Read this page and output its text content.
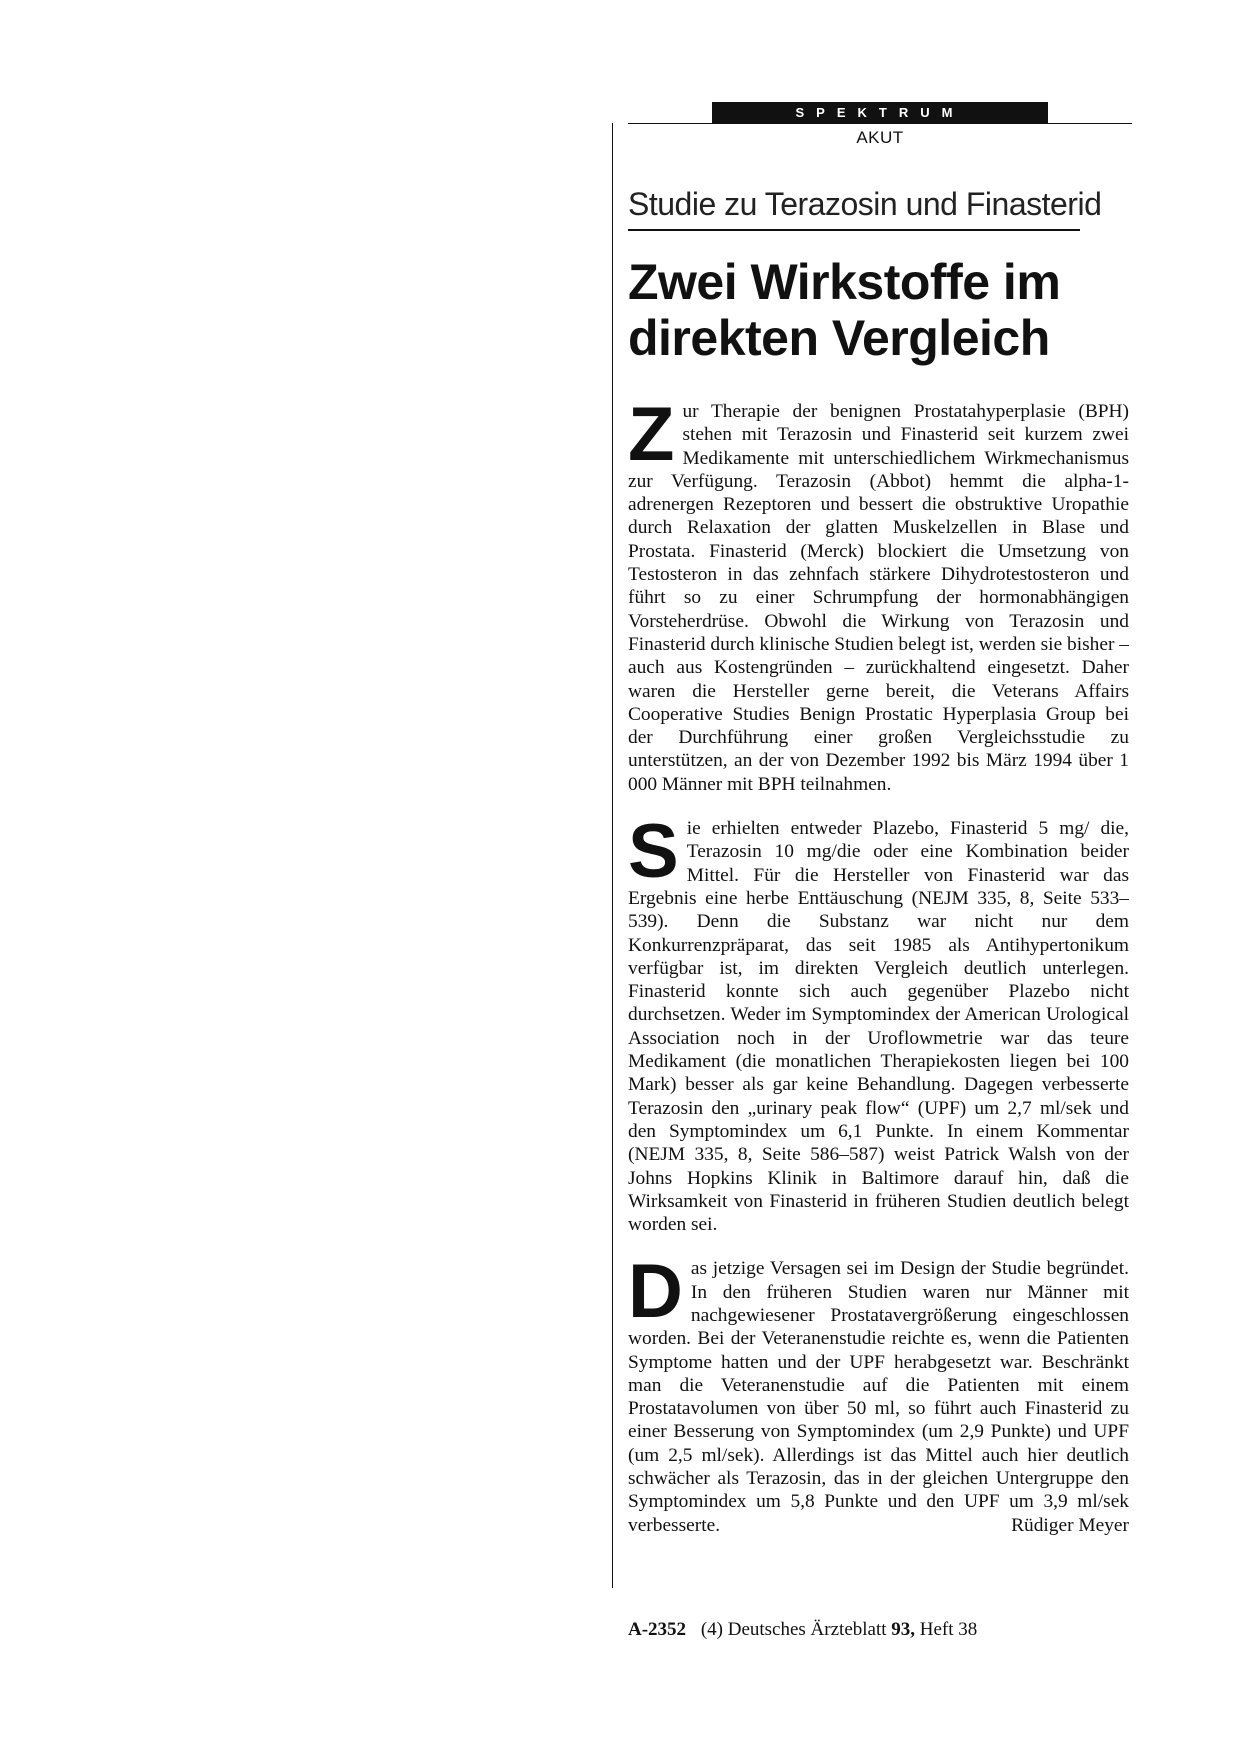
SPEKTRUM
AKUT
Studie zu Terazosin und Finasterid
Zwei Wirkstoffe im direkten Vergleich

Zur Therapie der benignen Prostatahyperplasie (BPH) stehen mit Terazosin und Finasterid seit kurzem zwei Medikamente mit unterschiedlichem Wirkmechanismus zur Verfügung. Terazosin (Abbot) hemmt die alpha-1-adrenergen Rezeptoren und bessert die obstruktive Uropathie durch Relaxation der glatten Muskelzellen in Blase und Prostata. Finasterid (Merck) blockiert die Umsetzung von Testosteron in das zehnfach stärkere Dihydrotestosteron und führt so zu einer Schrumpfung der hormonabhängigen Vorsteherdrüse. Obwohl die Wirkung von Terazosin und Finasterid durch klinische Studien belegt ist, werden sie bisher – auch aus Kostengründen – zurückhaltend eingesetzt. Daher waren die Hersteller gerne bereit, die Veterans Affairs Cooperative Studies Benign Prostatic Hyperplasia Group bei der Durchführung einer großen Vergleichsstudie zu unterstützen, an der von Dezember 1992 bis März 1994 über 1 000 Männer mit BPH teilnahmen.

Sie erhielten entweder Plazebo, Finasterid 5 mg/ die, Terazosin 10 mg/die oder eine Kombination beider Mittel. Für die Hersteller von Finasterid war das Ergebnis eine herbe Enttäuschung (NEJM 335, 8, Seite 533–539). Denn die Substanz war nicht nur dem Konkurrenzpräparat, das seit 1985 als Antihypertonikum verfügbar ist, im direkten Vergleich deutlich unterlegen. Finasterid konnte sich auch gegenüber Plazebo nicht durchsetzen. Weder im Symptomindex der American Urological Association noch in der Uroflowmetrie war das teure Medikament (die monatlichen Therapiekosten liegen bei 100 Mark) besser als gar keine Behandlung. Dagegen verbesserte Terazosin den „urinary peak flow“ (UPF) um 2,7 ml/sek und den Symptomindex um 6,1 Punkte. In einem Kommentar (NEJM 335, 8, Seite 586–587) weist Patrick Walsh von der Johns Hopkins Klinik in Baltimore darauf hin, daß die Wirksamkeit von Finasterid in früheren Studien deutlich belegt worden sei.

Das jetzige Versagen sei im Design der Studie begründet. In den früheren Studien waren nur Männer mit nachgewiesener Prostatavergrößerung eingeschlossen worden. Bei der Veteranenstudie reichte es, wenn die Patienten Symptome hatten und der UPF herabgesetzt war. Beschränkt man die Veteranenstudie auf die Patienten mit einem Prostatavolumen von über 50 ml, so führt auch Finasterid zu einer Besserung von Symptomindex (um 2,9 Punkte) und UPF (um 2,5 ml/sek). Allerdings ist das Mittel auch hier deutlich schwächer als Terazosin, das in der gleichen Untergruppe den Symptomindex um 5,8 Punkte und den UPF um 3,9 ml/sek verbesserte.	Rüdiger Meyer

A-2352 (4) Deutsches Ärzteblatt 93, Heft 38
